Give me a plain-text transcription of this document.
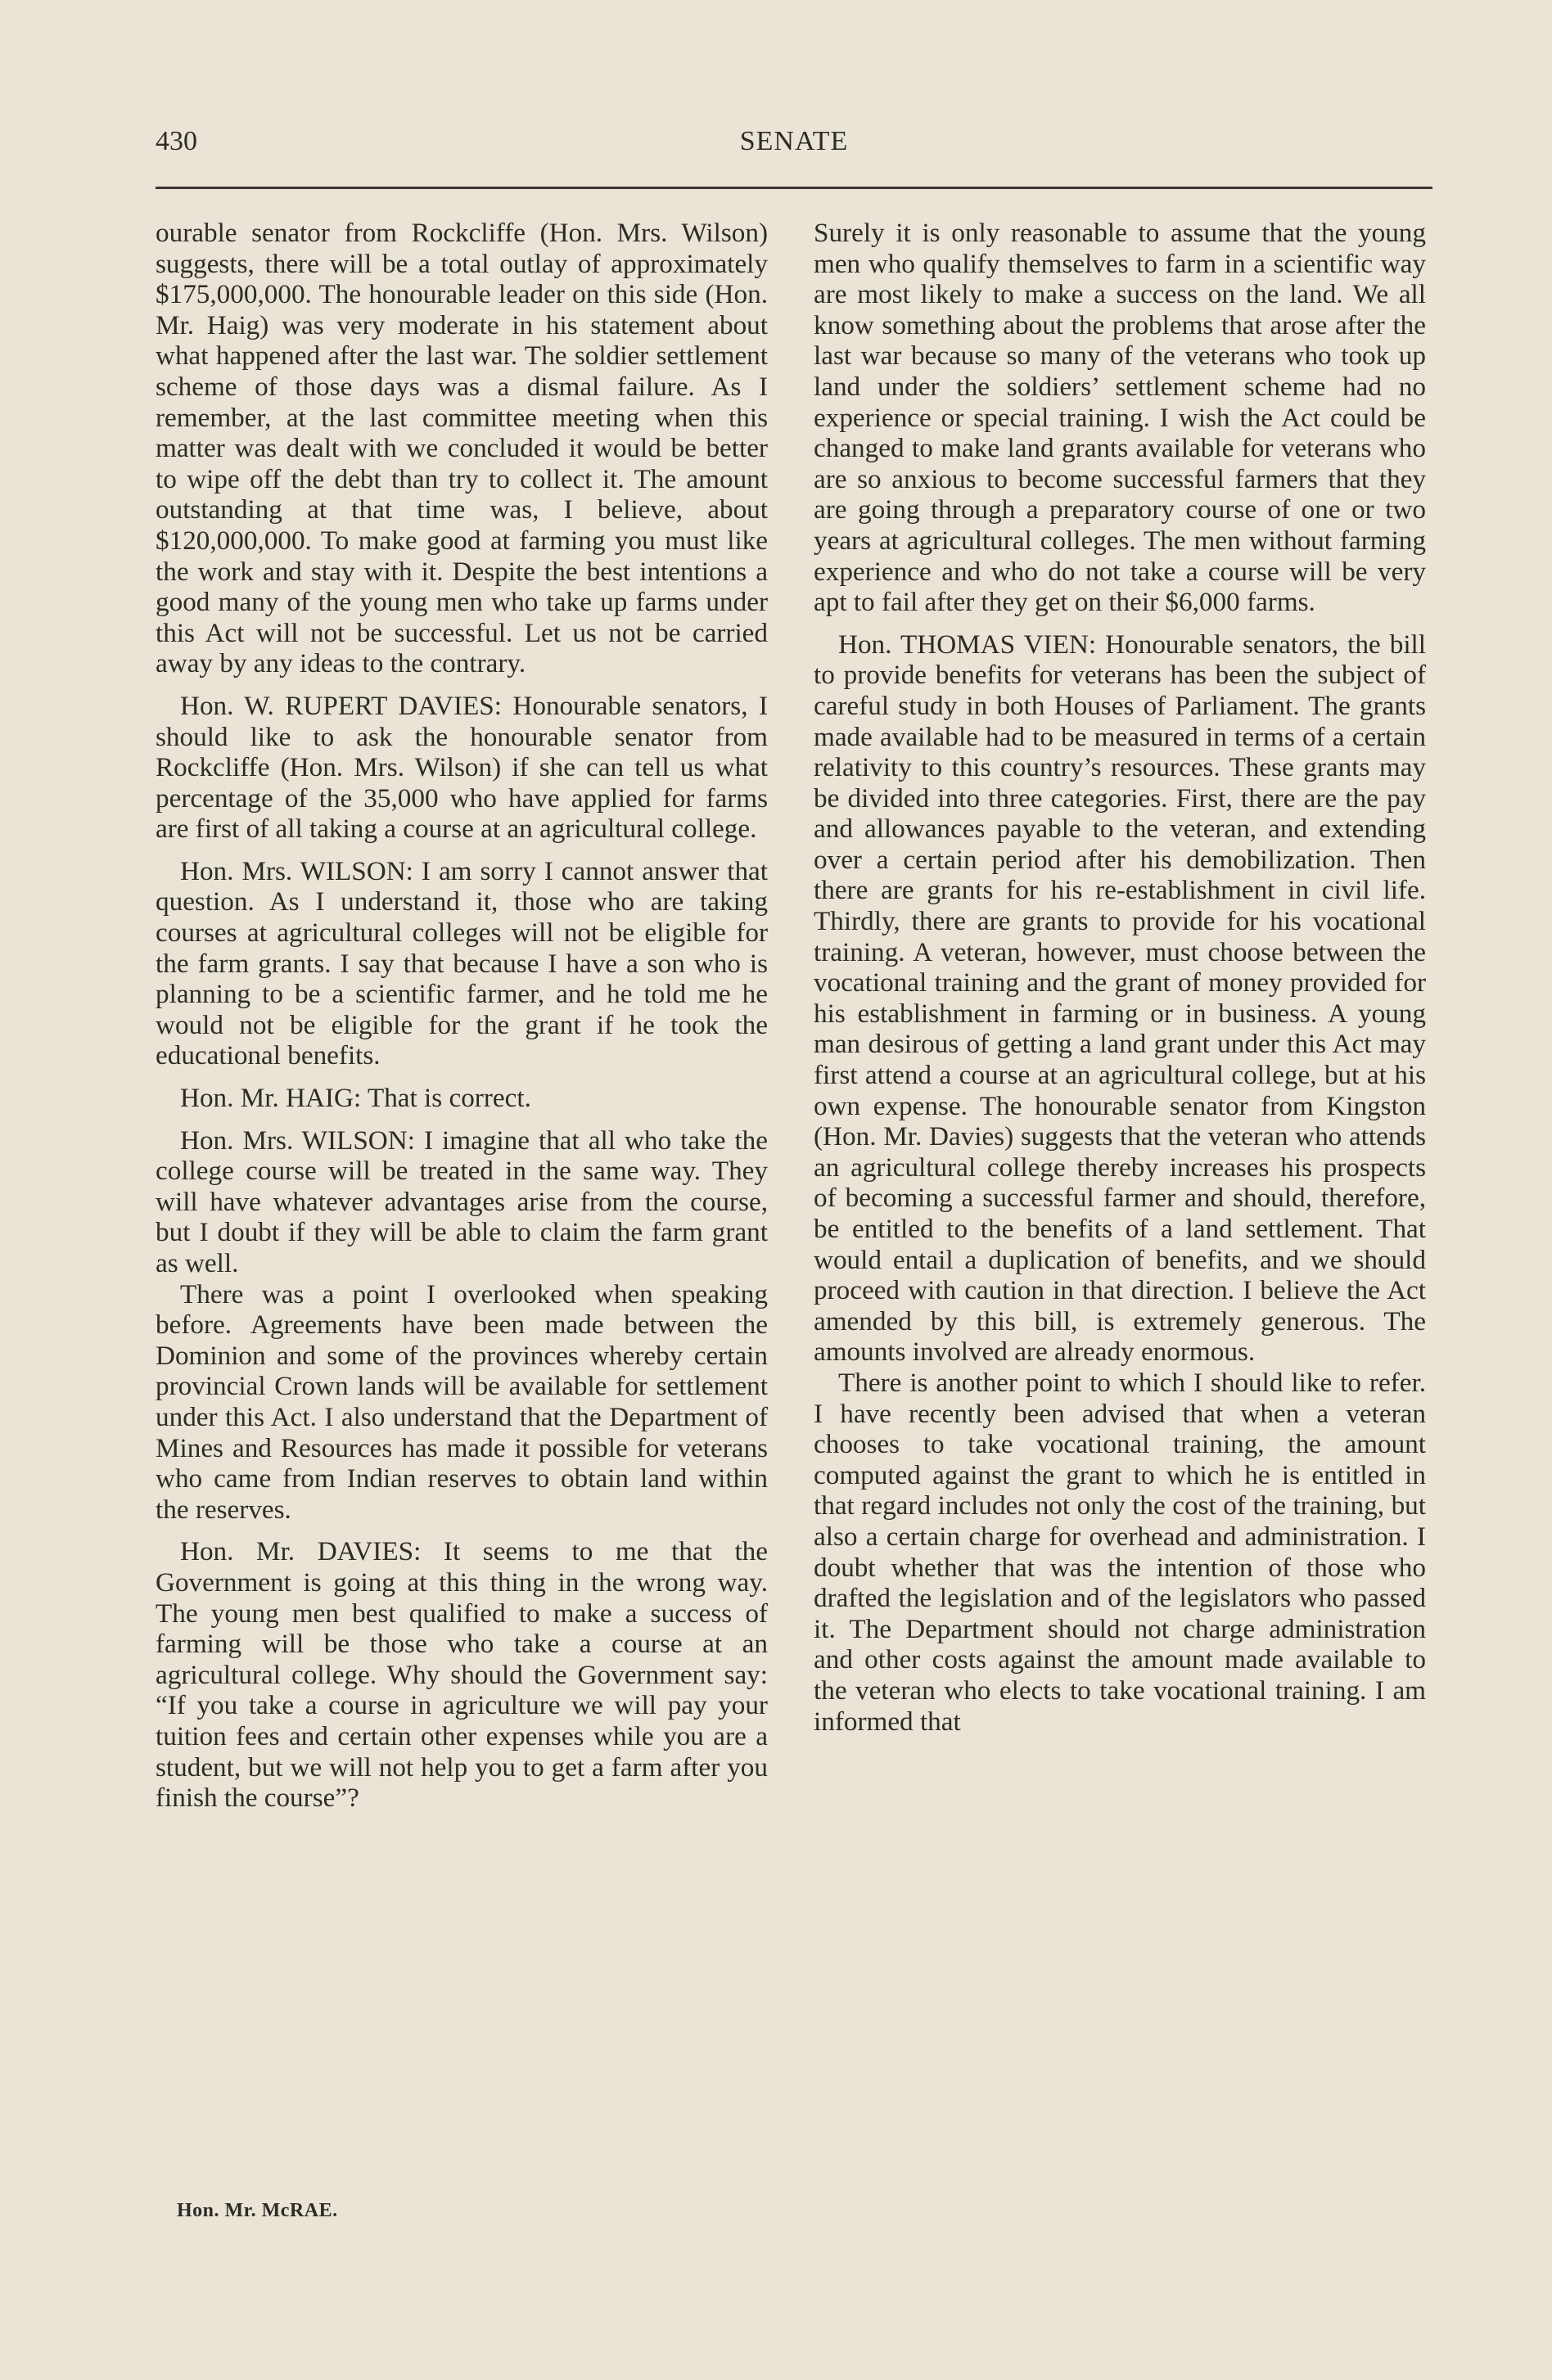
430	SENATE

ourable senator from Rockcliffe (Hon. Mrs. Wilson) suggests, there will be a total outlay of approximately $175,000,000. The honourable leader on this side (Hon. Mr. Haig) was very moderate in his statement about what happened after the last war. The soldier settlement scheme of those days was a dismal failure. As I remember, at the last committee meeting when this matter was dealt with we concluded it would be better to wipe off the debt than try to collect it. The amount outstanding at that time was, I believe, about $120,000,000. To make good at farming you must like the work and stay with it. Despite the best intentions a good many of the young men who take up farms under this Act will not be successful. Let us not be carried away by any ideas to the contrary.

Hon. W. RUPERT DAVIES: Honourable senators, I should like to ask the honourable senator from Rockcliffe (Hon. Mrs. Wilson) if she can tell us what percentage of the 35,000 who have applied for farms are first of all taking a course at an agricultural college.

Hon. Mrs. WILSON: I am sorry I cannot answer that question. As I understand it, those who are taking courses at agricultural colleges will not be eligible for the farm grants. I say that because I have a son who is planning to be a scientific farmer, and he told me he would not be eligible for the grant if he took the educational benefits.

Hon. Mr. HAIG: That is correct.

Hon. Mrs. WILSON: I imagine that all who take the college course will be treated in the same way. They will have whatever advantages arise from the course, but I doubt if they will be able to claim the farm grant as well.

There was a point I overlooked when speaking before. Agreements have been made between the Dominion and some of the provinces whereby certain provincial Crown lands will be available for settlement under this Act. I also understand that the Department of Mines and Resources has made it possible for veterans who came from Indian reserves to obtain land within the reserves.

Hon. Mr. DAVIES: It seems to me that the Government is going at this thing in the wrong way. The young men best qualified to make a success of farming will be those who take a course at an agricultural college. Why should the Government say: “If you take a course in agriculture we will pay your tuition fees and certain other expenses while you are a student, but we will not help you to get a farm after you finish the course”?

Surely it is only reasonable to assume that the young men who qualify themselves to farm in a scientific way are most likely to make a success on the land. We all know something about the problems that arose after the last war because so many of the veterans who took up land under the soldiers’ settlement scheme had no experience or special training. I wish the Act could be changed to make land grants available for veterans who are so anxious to become successful farmers that they are going through a preparatory course of one or two years at agricultural colleges. The men without farming experience and who do not take a course will be very apt to fail after they get on their $6,000 farms.

Hon. THOMAS VIEN: Honourable senators, the bill to provide benefits for veterans has been the subject of careful study in both Houses of Parliament. The grants made available had to be measured in terms of a certain relativity to this country’s resources. These grants may be divided into three categories. First, there are the pay and allowances payable to the veteran, and extending over a certain period after his demobilization. Then there are grants for his re-establishment in civil life. Thirdly, there are grants to provide for his vocational training. A veteran, however, must choose between the vocational training and the grant of money provided for his establishment in farming or in business. A young man desirous of getting a land grant under this Act may first attend a course at an agricultural college, but at his own expense. The honourable senator from Kingston (Hon. Mr. Davies) suggests that the veteran who attends an agricultural college thereby increases his prospects of becoming a successful farmer and should, therefore, be entitled to the benefits of a land settlement. That would entail a duplication of benefits, and we should proceed with caution in that direction. I believe the Act amended by this bill, is extremely generous. The amounts involved are already enormous.

There is another point to which I should like to refer. I have recently been advised that when a veteran chooses to take vocational training, the amount computed against the grant to which he is entitled in that regard includes not only the cost of the training, but also a certain charge for overhead and administration. I doubt whether that was the intention of those who drafted the legislation and of the legislators who passed it. The Department should not charge administration and other costs against the amount made available to the veteran who elects to take vocational training. I am informed that

Hon. Mr. McRAE.
